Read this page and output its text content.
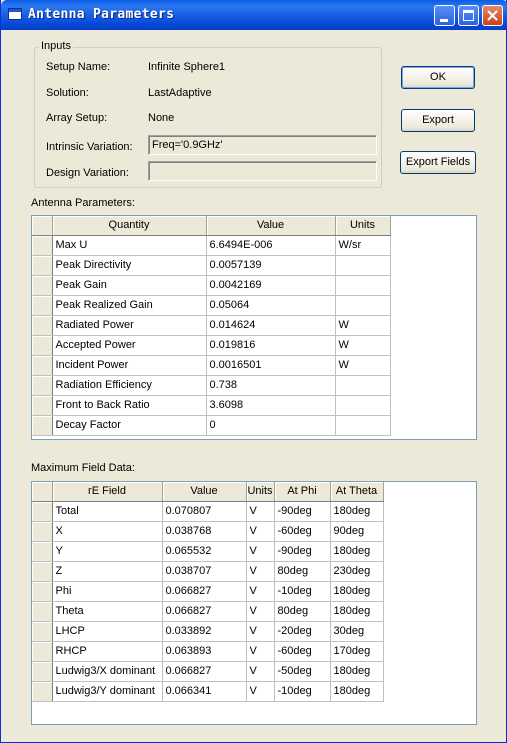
Antenna Parameters
Inputs
Setup Name:	Infinite Sphere1
Solution:	LastAdaptive
Array Setup:	None
Intrinsic Variation:	Freq='0.9GHz'
Design Variation:
OK
Export
Export Fields
Antenna Parameters:
	Quantity	Value	Units
	Max U	6.6494E-006	W/sr
	Peak Directivity	0.0057139	
	Peak Gain	0.0042169	
	Peak Realized Gain	0.05064	
	Radiated Power	0.014624	W
	Accepted Power	0.019816	W
	Incident Power	0.0016501	W
	Radiation Efficiency	0.738	
	Front to Back Ratio	3.6098	
	Decay Factor	0	
Maximum Field Data:
	rE Field	Value	Units	At Phi	At Theta
	Total	0.070807	V	-90deg	180deg
	X	0.038768	V	-60deg	90deg
	Y	0.065532	V	-90deg	180deg
	Z	0.038707	V	80deg	230deg
	Phi	0.066827	V	-10deg	180deg
	Theta	0.066827	V	80deg	180deg
	LHCP	0.033892	V	-20deg	30deg
	RHCP	0.063893	V	-60deg	170deg
	Ludwig3/X dominant	0.066827	V	-50deg	180deg
	Ludwig3/Y dominant	0.066341	V	-10deg	180deg
